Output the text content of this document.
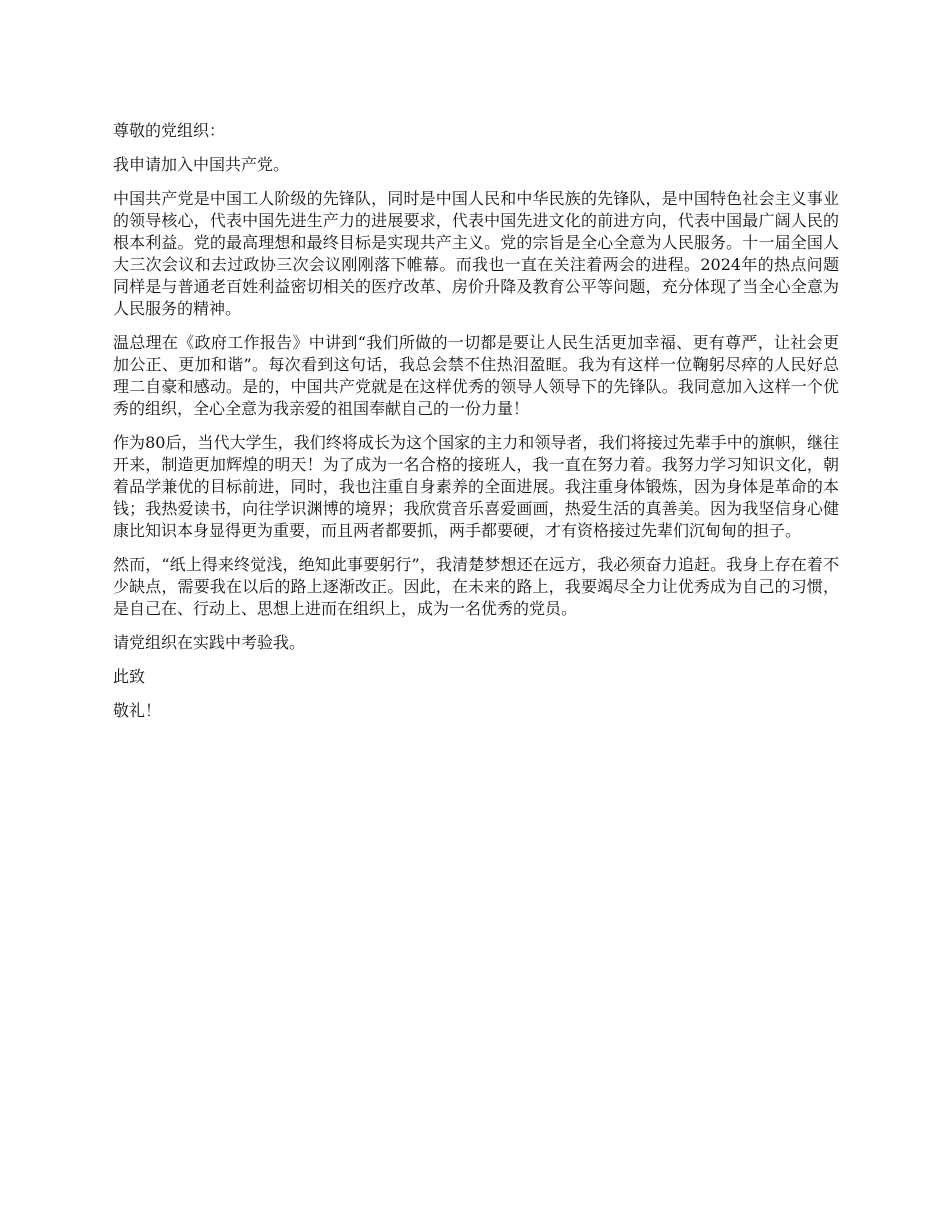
尊敬的党组织：

我申请加入中国共产党。

中国共产党是中国工人阶级的先锋队，同时是中国人民和中华民族的先锋队，是中国特色社会主义事业的领导核心，代表中国先进生产力的进展要求，代表中国先进文化的前进方向，代表中国最广阔人民的根本利益。党的最高理想和最终目标是实现共产主义。党的宗旨是全心全意为人民服务。十一届全国人大三次会议和去过政协三次会议刚刚落下帷幕。而我也一直在关注着两会的进程。2024年的热点问题同样是与普通老百姓利益密切相关的医疗改革、房价升降及教育公平等问题，充分体现了当全心全意为人民服务的精神。

温总理在《政府工作报告》中讲到“我们所做的一切都是要让人民生活更加幸福、更有尊严，让社会更加公正、更加和谐”。每次看到这句话，我总会禁不住热泪盈眶。我为有这样一位鞠躬尽瘁的人民好总理二自豪和感动。是的，中国共产党就是在这样优秀的领导人领导下的先锋队。我同意加入这样一个优秀的组织，全心全意为我亲爱的祖国奉献自己的一份力量！

作为80后，当代大学生，我们终将成长为这个国家的主力和领导者，我们将接过先辈手中的旗帜，继往开来，制造更加辉煌的明天！为了成为一名合格的接班人，我一直在努力着。我努力学习知识文化，朝着品学兼优的目标前进，同时，我也注重自身素养的全面进展。我注重身体锻炼，因为身体是革命的本钱；我热爱读书，向往学识渊博的境界；我欣赏音乐喜爱画画，热爱生活的真善美。因为我坚信身心健康比知识本身显得更为重要，而且两者都要抓，两手都要硬，才有资格接过先辈们沉甸甸的担子。

然而，“纸上得来终觉浅，绝知此事要躬行”，我清楚梦想还在远方，我必须奋力追赶。我身上存在着不少缺点，需要我在以后的路上逐渐改正。因此，在未来的路上，我要竭尽全力让优秀成为自己的习惯，是自己在、行动上、思想上进而在组织上，成为一名优秀的党员。

请党组织在实践中考验我。

此致

敬礼！
